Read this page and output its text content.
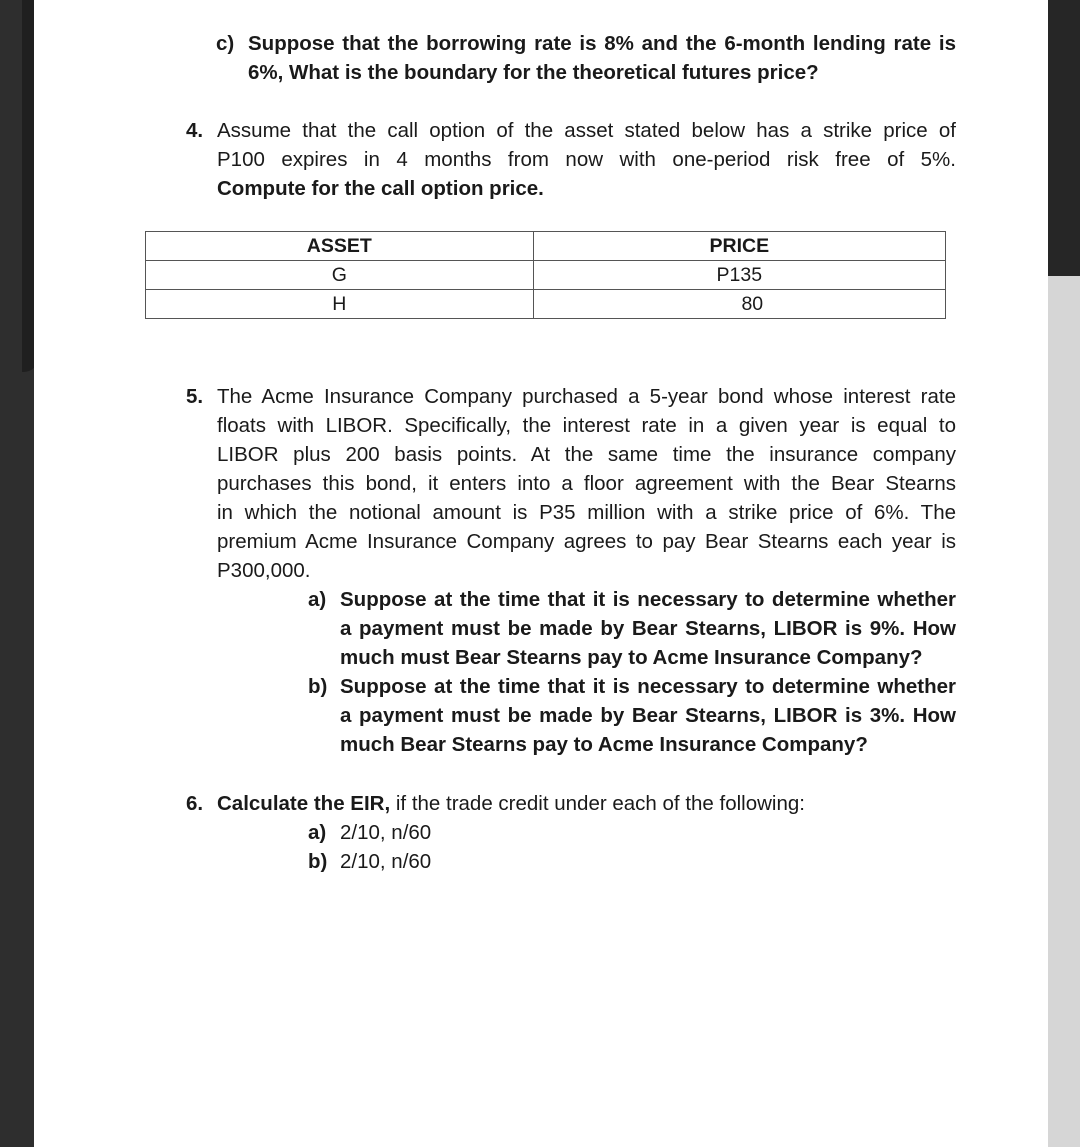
c) Suppose that the borrowing rate is 8% and the 6-month lending rate is
6%, What is the boundary for the theoretical futures price?
4. Assume that the call option of the asset stated below has a strike price of
P100 expires in 4 months from now with one-period risk free of 5%.
Compute for the call option price.
ASSET	PRICE
G	P135
H	80
5. The Acme Insurance Company purchased a 5-year bond whose interest rate
floats with LIBOR. Specifically, the interest rate in a given year is equal to
LIBOR plus 200 basis points. At the same time the insurance company
purchases this bond, it enters into a floor agreement with the Bear Stearns
in which the notional amount is P35 million with a strike price of 6%. The
premium Acme Insurance Company agrees to pay Bear Stearns each year is
P300,000.
a) Suppose at the time that it is necessary to determine whether
a payment must be made by Bear Stearns, LIBOR is 9%. How
much must Bear Stearns pay to Acme Insurance Company?
b) Suppose at the time that it is necessary to determine whether
a payment must be made by Bear Stearns, LIBOR is 3%. How
much Bear Stearns pay to Acme Insurance Company?
6. Calculate the EIR, if the trade credit under each of the following:
a) 2/10, n/60
b) 2/10, n/60
